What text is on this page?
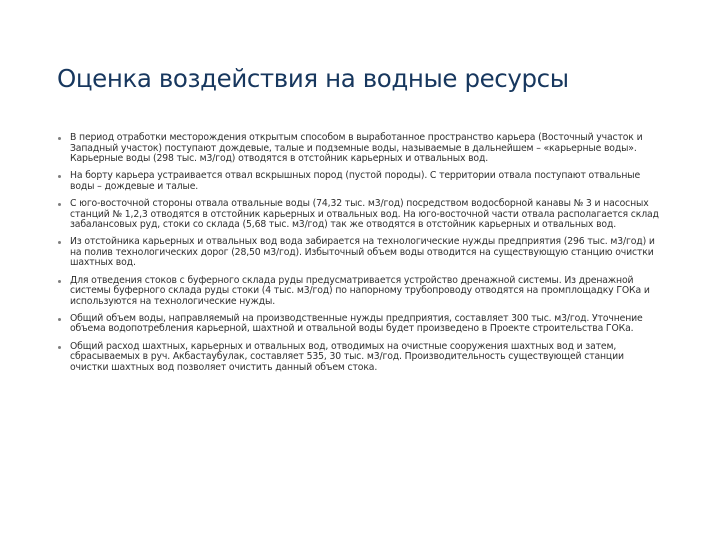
Оценка воздействия на водные ресурсы
В период отработки месторождения открытым способом в выработанное пространство карьера (Восточный участок и Западный участок) поступают дождевые, талые и подземные воды, называемые в дальнейшем – «карьерные воды». Карьерные воды (298 тыс. м3/год) отводятся в отстойник карьерных и отвальных вод.
На борту карьера устраивается отвал вскрышных пород (пустой породы). С территории отвала поступают отвальные воды – дождевые и талые.
С юго-восточной стороны отвала отвальные воды (74,32 тыс. м3/год) посредством водосборной канавы № 3 и насосных станций № 1,2,3 отводятся в отстойник карьерных и отвальных вод. На юго-восточной части отвала располагается склад забалансовых руд, стоки со склада (5,68 тыс. м3/год) так же отводятся в отстойник карьерных и отвальных вод.
Из отстойника карьерных и отвальных вод вода забирается на технологические нужды предприятия (296 тыс. м3/год) и на полив технологических дорог (28,50 м3/год). Избыточный объем воды отводится на существующую станцию очистки шахтных вод.
Для отведения стоков с буферного склада руды предусматривается устройство дренажной системы. Из дренажной системы буферного склада руды стоки (4 тыс. м3/год) по напорному трубопроводу отводятся на промплощадку ГОКа и используются на технологические нужды.
Общий объем воды, направляемый на производственные нужды предприятия, составляет 300 тыс. м3/год. Уточнение объема водопотребления карьерной, шахтной и отвальной воды будет произведено в Проекте строительства ГОКа.
Общий расход шахтных, карьерных и отвальных вод, отводимых на очистные сооружения шахтных вод и затем, сбрасываемых в руч. Акбастаубулак, составляет 535, 30 тыс. м3/год. Производительность существующей станции очистки шахтных вод позволяет очистить данный объем стока.
